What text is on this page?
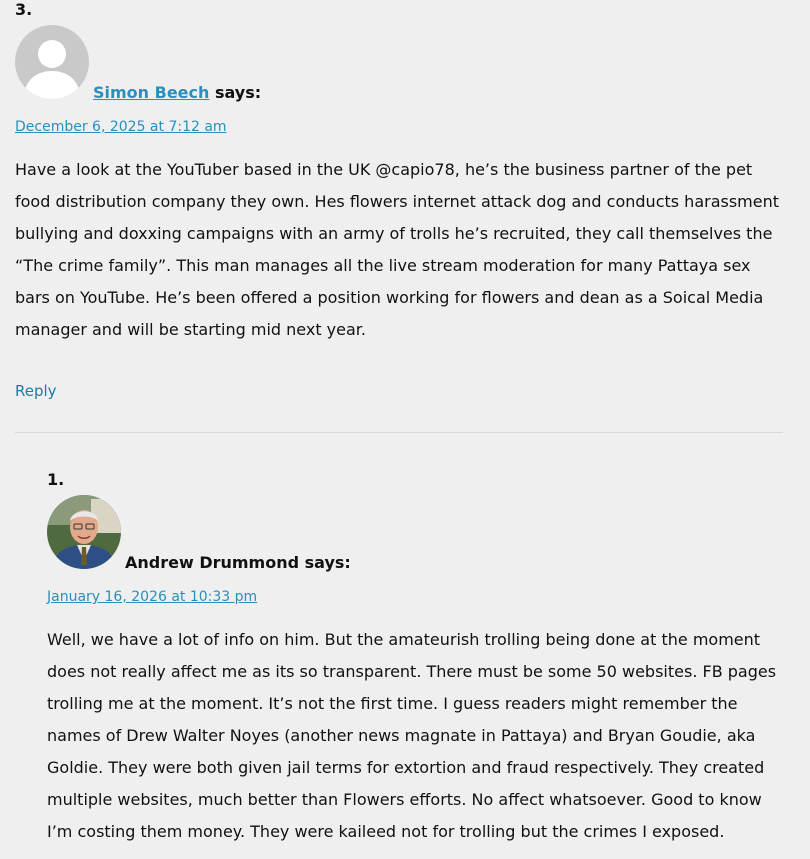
3.
Simon Beech says:
December 6, 2025 at 7:12 am
Have a look at the YouTuber based in the UK @capio78, he’s the business partner of the pet food distribution company they own. Hes flowers internet attack dog and conducts harassment bullying and doxxing campaigns with an army of trolls he’s recruited, they call themselves the “The crime family”. This man manages all the live stream moderation for many Pattaya sex bars on YouTube. He’s been offered a position working for flowers and dean as a Soical Media manager and will be starting mid next year.
Reply
1.
Andrew Drummond says:
January 16, 2026 at 10:33 pm
Well, we have a lot of info on him. But the amateurish trolling being done at the moment does not really affect me as its so transparent. There must be some 50 websites. FB pages trolling me at the moment. It’s not the first time. I guess readers might remember the names of Drew Walter Noyes (another news magnate in Pattaya) and Bryan Goudie, aka Goldie. They were both given jail terms for extortion and fraud respectively. They created multiple websites, much better than Flowers efforts. No affect whatsoever. Good to know I’m costing them money. They were kaileed not for trolling but the crimes I exposed.
